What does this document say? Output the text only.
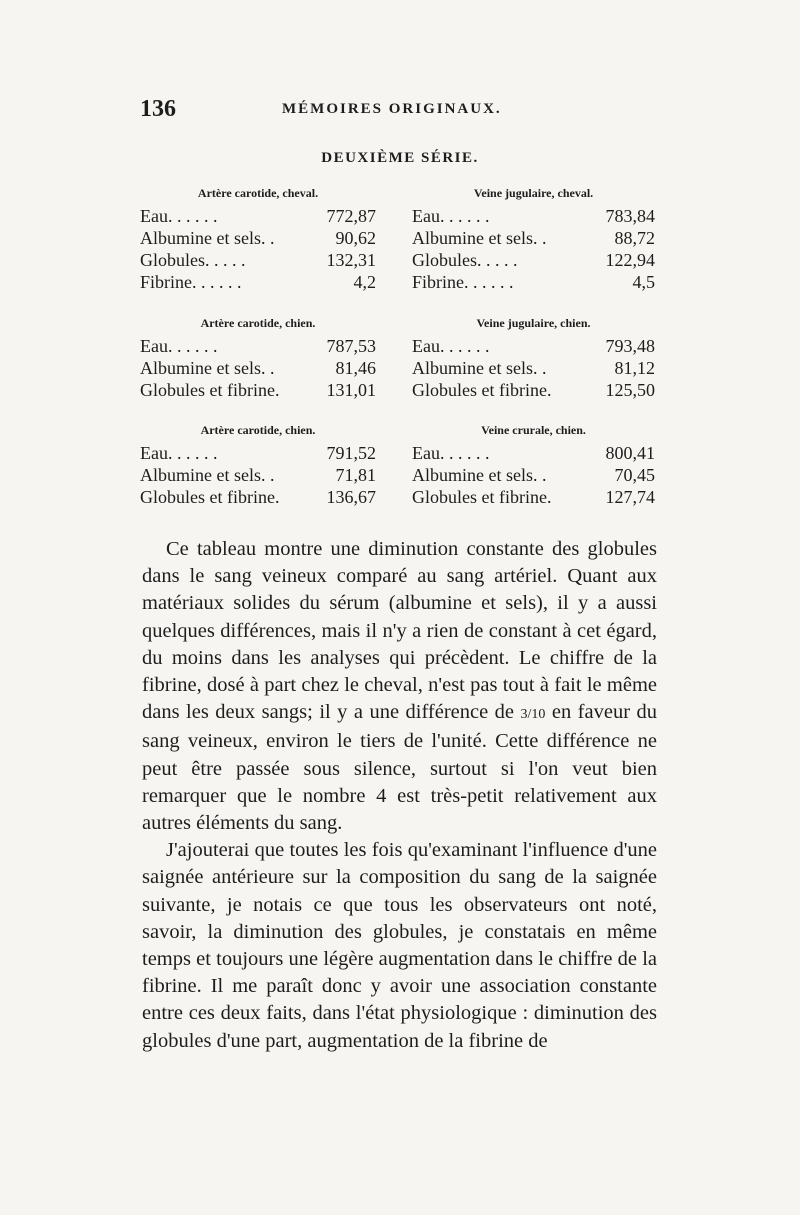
136	MÉMOIRES ORIGINAUX.
DEUXIÈME SÉRIE.
Artère carotide, cheval.
Eau. . . . . .	772,87
Albumine et sels. .	90,62
Globules. . . . .	132,31
Fibrine. . . . . .	4,2
Veine jugulaire, cheval.
Eau. . . . . .	783,84
Albumine et sels. .	88,72
Globules. . . . .	122,94
Fibrine. . . . . .	4,5
Artère carotide, chien.
Eau. . . . . .	787,53
Albumine et sels. .	81,46
Globules et fibrine.	131,01
Veine jugulaire, chien.
Eau. . . . . .	793,48
Albumine et sels. .	81,12
Globules et fibrine.	125,50
Artère carotide, chien.
Eau. . . . . .	791,52
Albumine et sels. .	71,81
Globules et fibrine.	136,67
Veine crurale, chien.
Eau. . . . . .	800,41
Albumine et sels. .	70,45
Globules et fibrine.	127,74

Ce tableau montre une diminution constante des globules dans le sang veineux comparé au sang artériel. Quant aux matériaux solides du sérum (albumine et sels), il y a aussi quelques différences, mais il n'y a rien de constant à cet égard, du moins dans les analyses qui précèdent. Le chiffre de la fibrine, dosé à part chez le cheval, n'est pas tout à fait le même dans les deux sangs; il y a une différence de 3/10 en faveur du sang veineux, environ le tiers de l'unité. Cette différence ne peut être passée sous silence, surtout si l'on veut bien remarquer que le nombre 4 est très-petit relativement aux autres éléments du sang.

J'ajouterai que toutes les fois qu'examinant l'influence d'une saignée antérieure sur la composition du sang de la saignée suivante, je notais ce que tous les observateurs ont noté, savoir, la diminution des globules, je constatais en même temps et toujours une légère augmentation dans le chiffre de la fibrine. Il me paraît donc y avoir une association constante entre ces deux faits, dans l'état physiologique : diminution des globules d'une part, augmentation de la fibrine de
